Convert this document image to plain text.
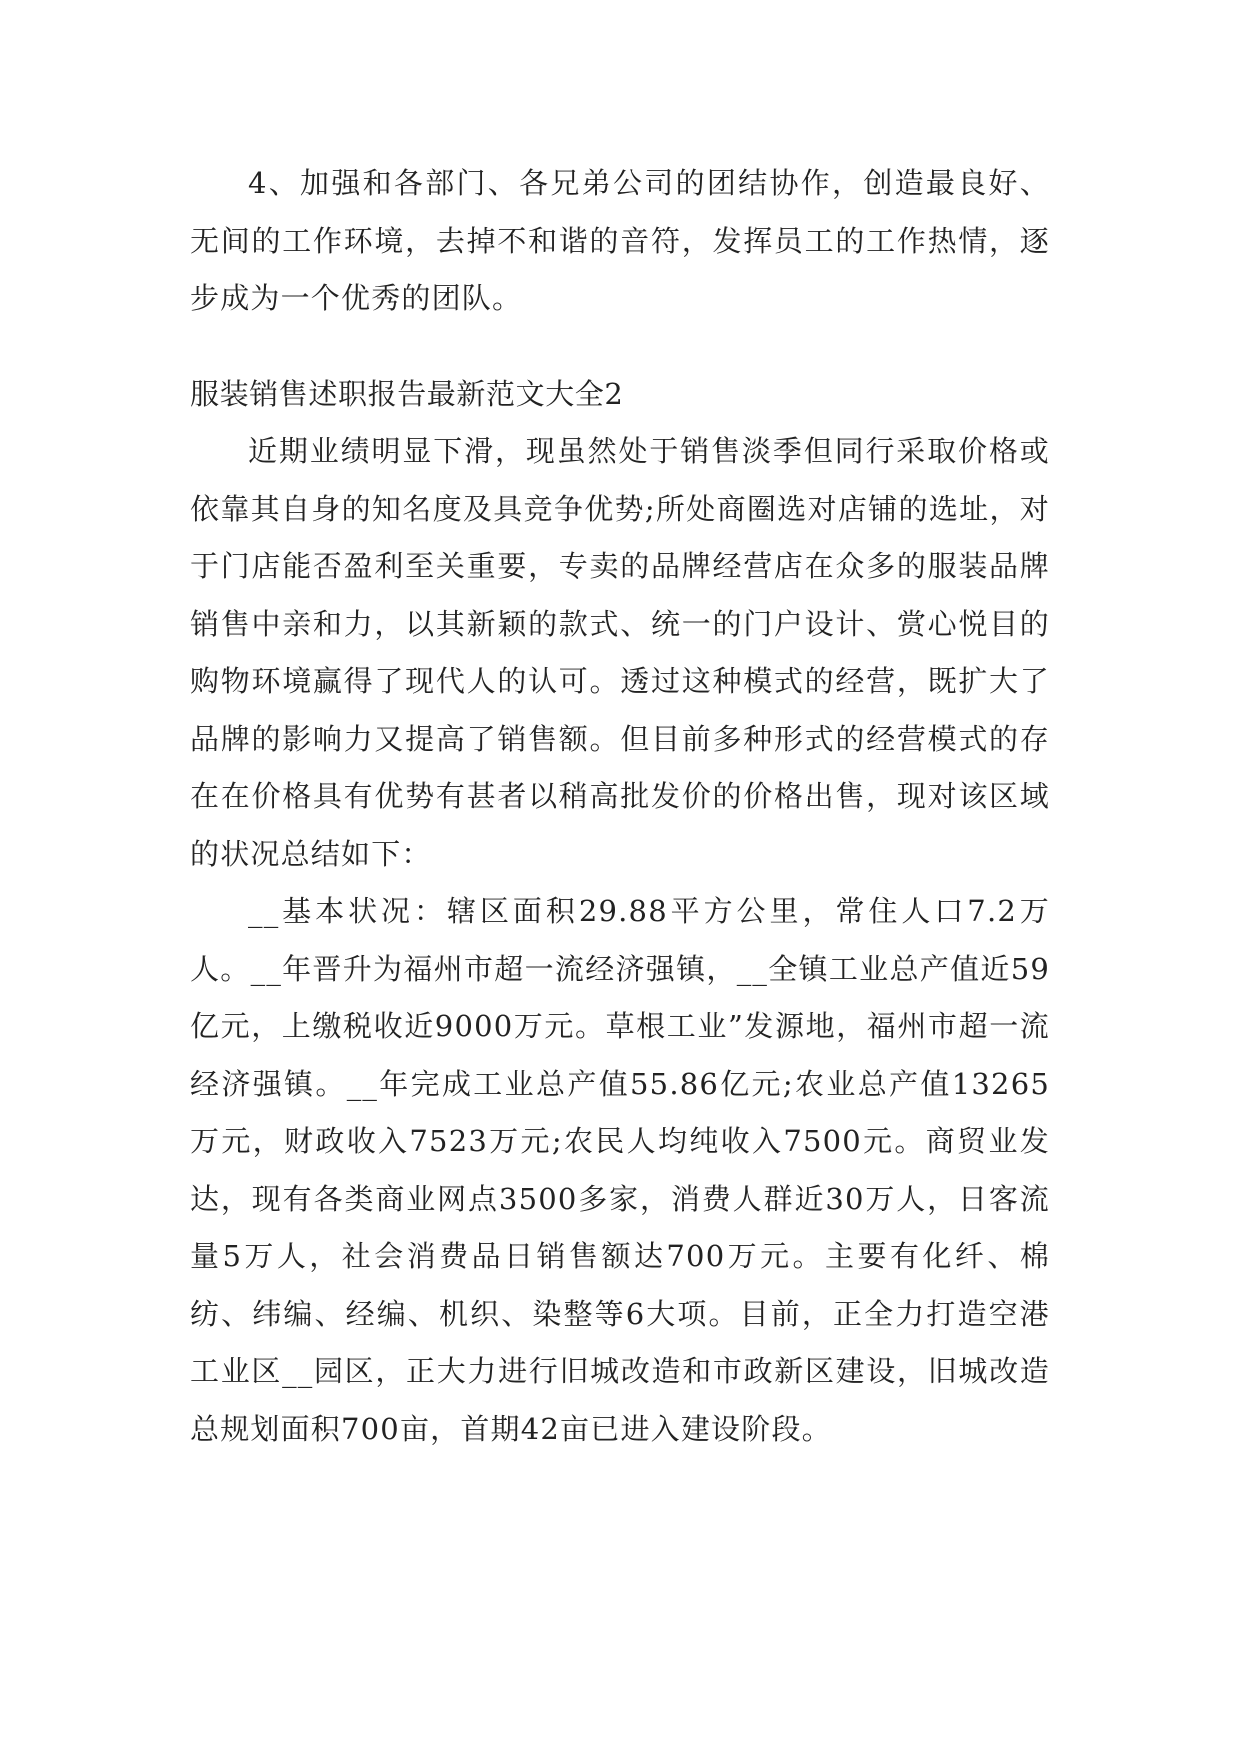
4、加强和各部门、各兄弟公司的团结协作，创造最良好、无间的工作环境，去掉不和谐的音符，发挥员工的工作热情，逐步成为一个优秀的团队。

服装销售述职报告最新范文大全2

近期业绩明显下滑，现虽然处于销售淡季但同行采取价格或依靠其自身的知名度及具竞争优势;所处商圈选对店铺的选址，对于门店能否盈利至关重要，专卖的品牌经营店在众多的服装品牌销售中亲和力，以其新颖的款式、统一的门户设计、赏心悦目的购物环境赢得了现代人的认可。透过这种模式的经营，既扩大了品牌的影响力又提高了销售额。但目前多种形式的经营模式的存在在价格具有优势有甚者以稍高批发价的价格出售，现对该区域的状况总结如下：

__基本状况：辖区面积29.88平方公里，常住人口7.2万人。__年晋升为福州市超一流经济强镇，__全镇工业总产值近59亿元，上缴税收近9000万元。草根工业”发源地，福州市超一流经济强镇。__年完成工业总产值55.86亿元;农业总产值13265万元，财政收入7523万元;农民人均纯收入7500元。商贸业发达，现有各类商业网点3500多家，消费人群近30万人，日客流量5万人，社会消费品日销售额达700万元。主要有化纤、棉纺、纬编、经编、机织、染整等6大项。目前，正全力打造空港工业区__园区，正大力进行旧城改造和市政新区建设，旧城改造总规划面积700亩，首期42亩已进入建设阶段。
